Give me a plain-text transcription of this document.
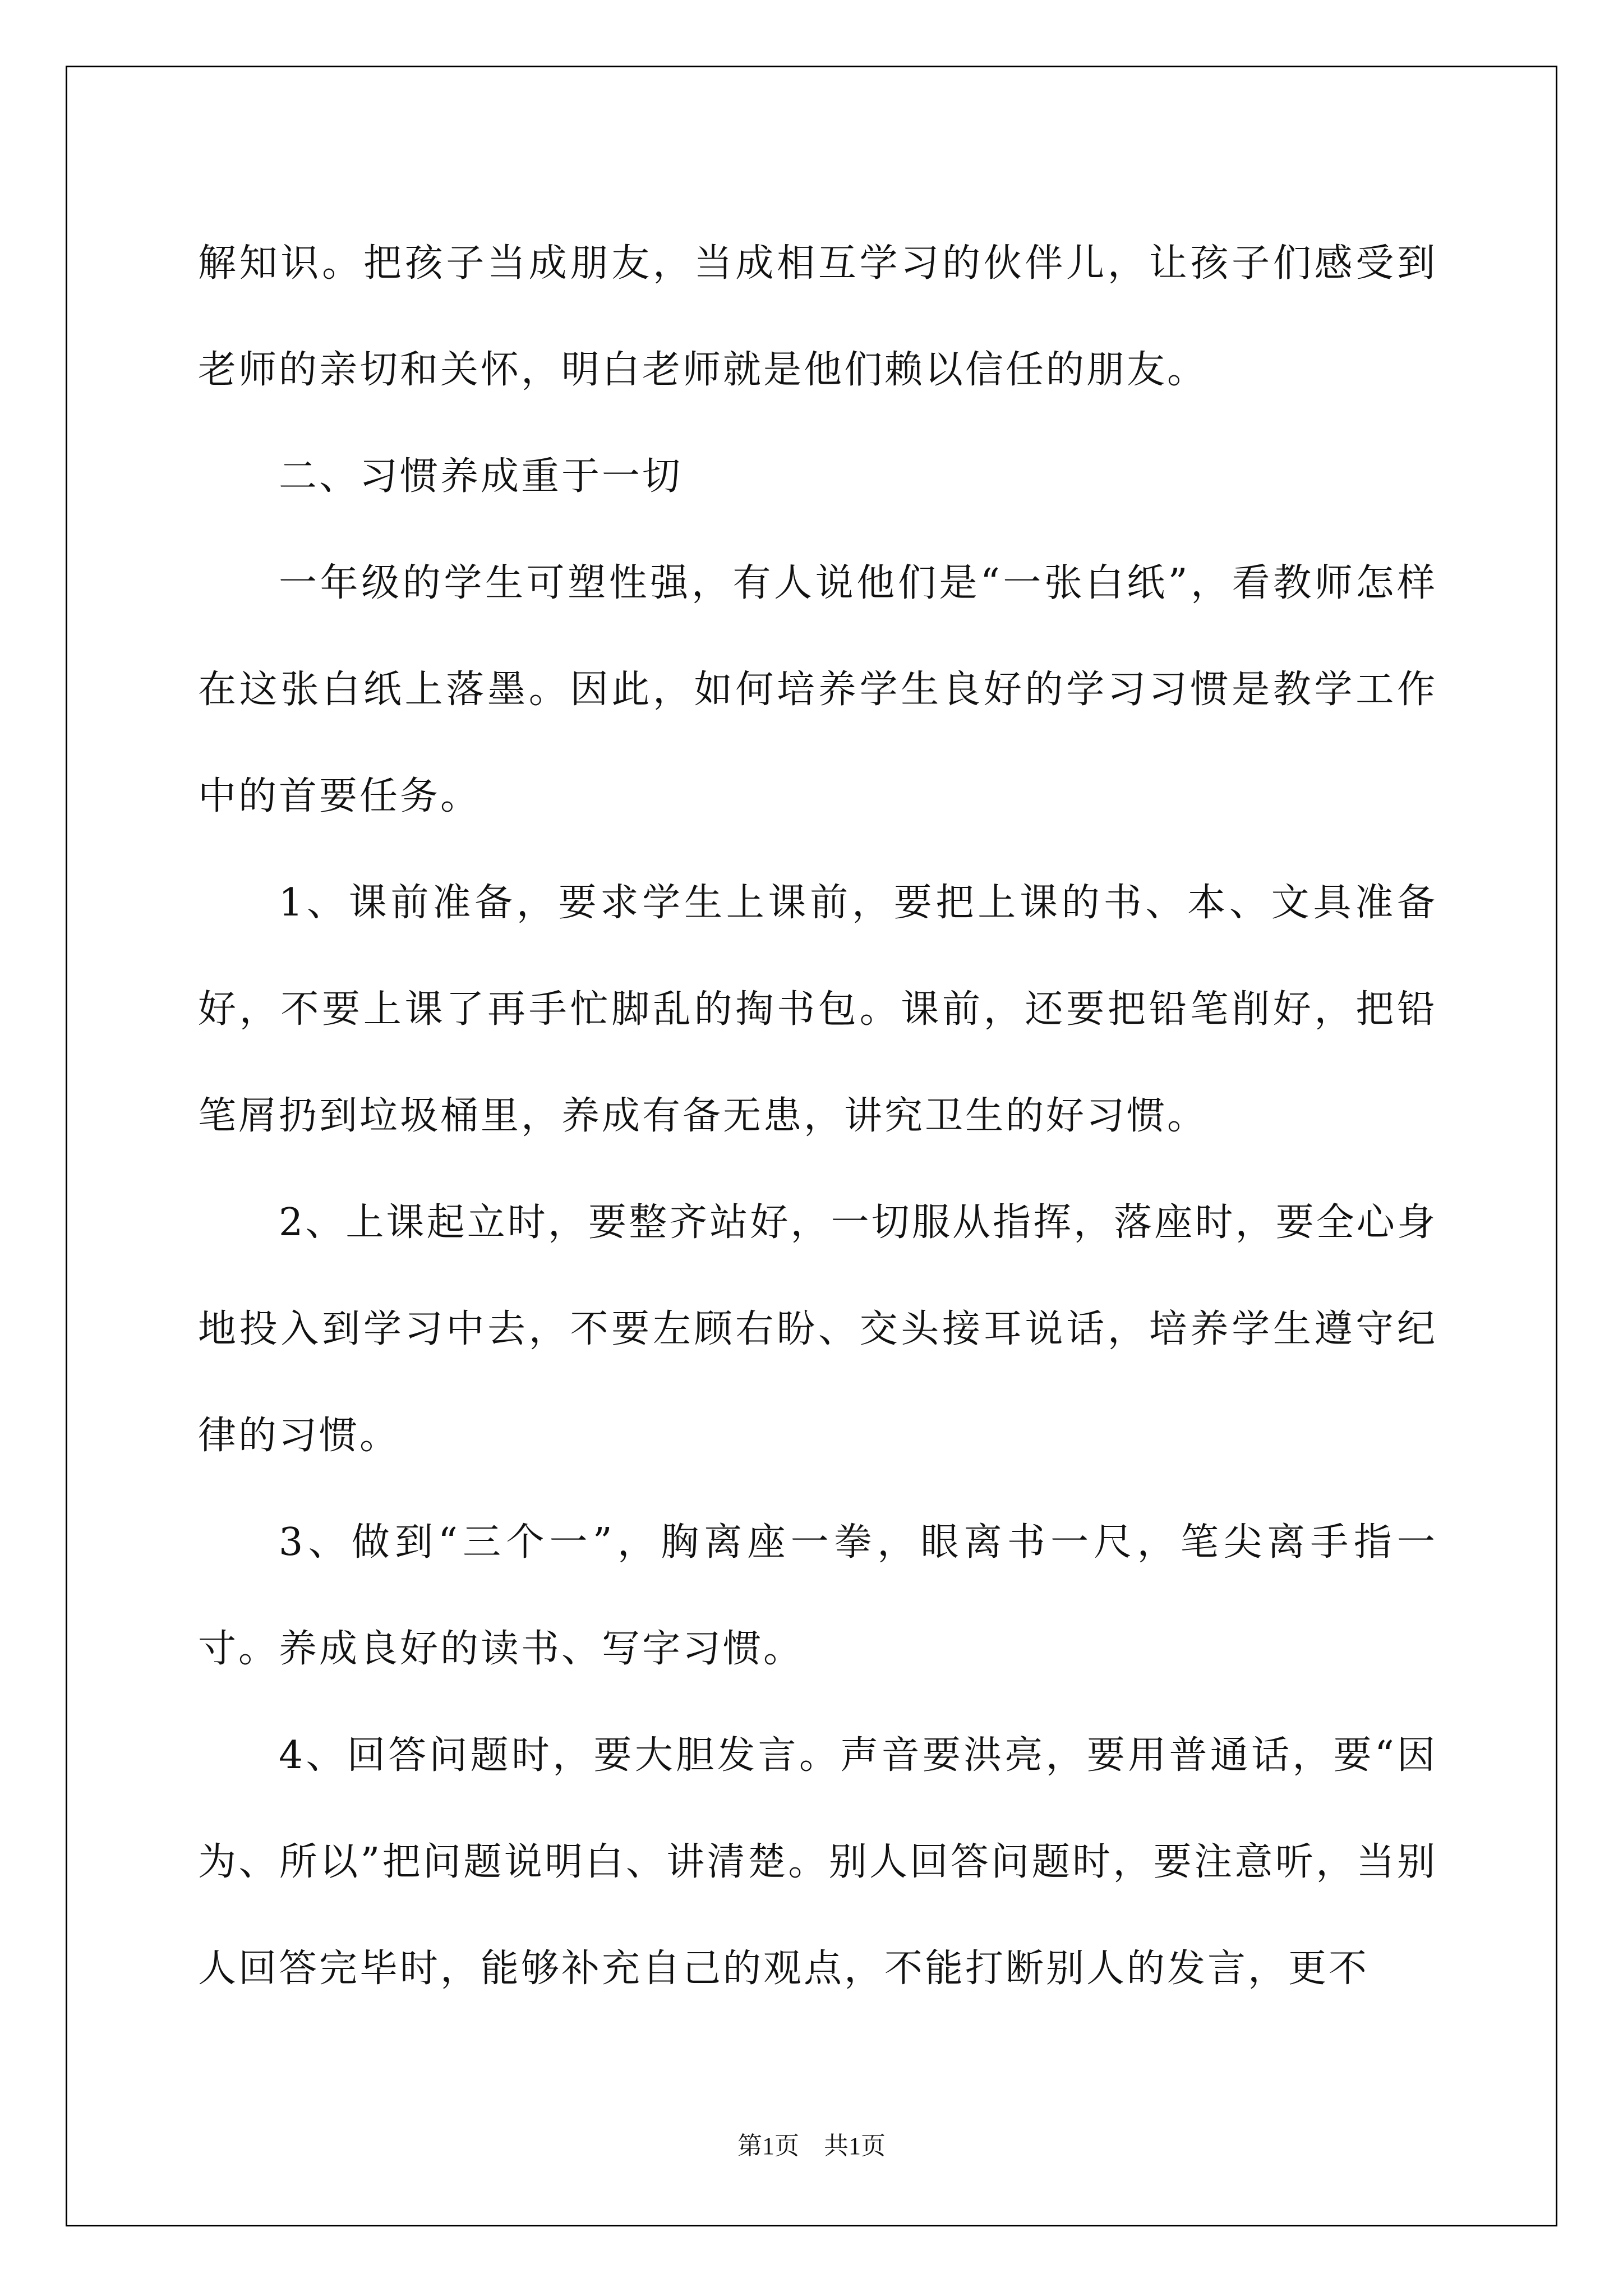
解知识。把孩子当成朋友，当成相互学习的伙伴儿，让孩子们感受到老师的亲切和关怀，明白老师就是他们赖以信任的朋友。

二、习惯养成重于一切

一年级的学生可塑性强，有人说他们是“一张白纸”，看教师怎样在这张白纸上落墨。因此，如何培养学生良好的学习习惯是教学工作中的首要任务。

1、课前准备，要求学生上课前，要把上课的书、本、文具准备好，不要上课了再手忙脚乱的掏书包。课前，还要把铅笔削好，把铅笔屑扔到垃圾桶里，养成有备无患，讲究卫生的好习惯。

2、上课起立时，要整齐站好，一切服从指挥，落座时，要全心身地投入到学习中去，不要左顾右盼、交头接耳说话，培养学生遵守纪律的习惯。

3、做到“三个一”，胸离座一拳，眼离书一尺，笔尖离手指一寸。养成良好的读书、写字习惯。

4、回答问题时，要大胆发言。声音要洪亮，要用普通话，要“因为、所以”把问题说明白、讲清楚。别人回答问题时，要注意听，当别人回答完毕时，能够补充自己的观点，不能打断别人的发言，更不

第1页　共1页
